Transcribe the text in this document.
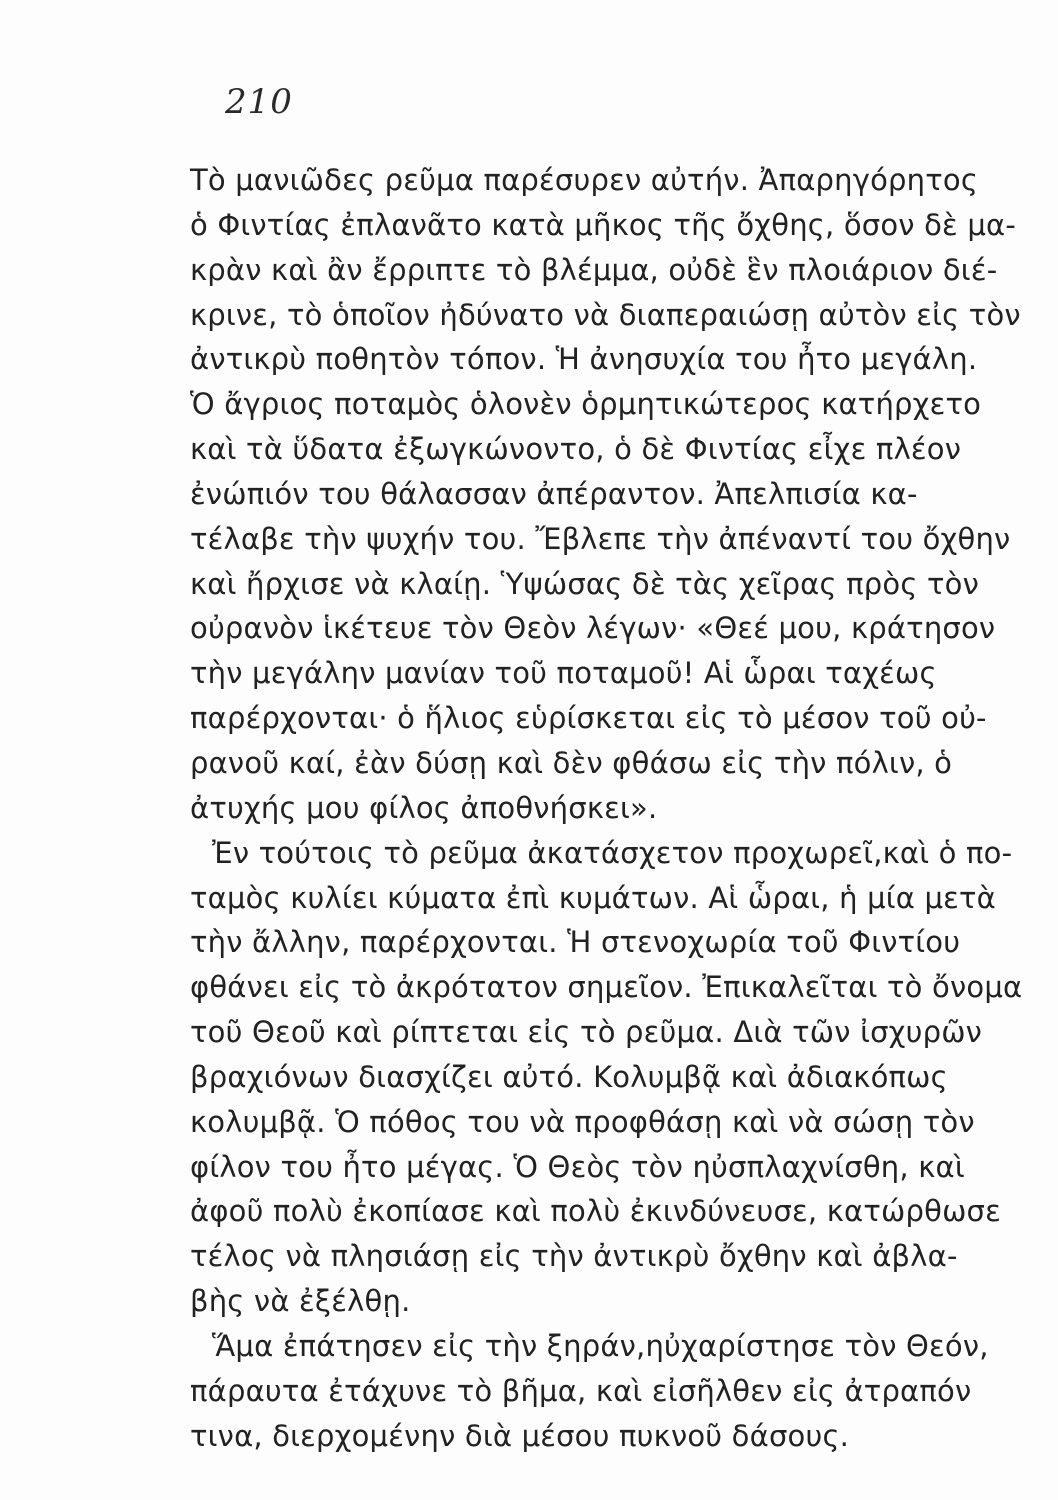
210
Τὸ μανιῶδες ρεῦμα παρέσυρεν αὐτήν. Ἀπαρηγόρητος
ὁ Φιντίας ἐπλανᾶτο κατὰ μῆκος τῆς ὄχθης, ὅσον δὲ μα-
κρὰν καὶ ἂν ἔρριπτε τὸ βλέμμα, οὐδὲ ἓν πλοιάριον διέ-
κρινε, τὸ ὁποῖον ἠδύνατο νὰ διαπεραιώσῃ αὐτὸν εἰς τὸν
ἀντικρὺ ποθητὸν τόπον. Ἡ ἀνησυχία του ἦτο μεγάλη.
Ὁ ἄγριος ποταμὸς ὁλονὲν ὁρμητικώτερος κατήρχετο
καὶ τὰ ὕδατα ἐξωγκώνοντο, ὁ δὲ Φιντίας εἶχε πλέον
ἐνώπιόν του θάλασσαν ἀπέραντον. Ἀπελπισία κα-
τέλαβε τὴν ψυχήν του. Ἔβλεπε τὴν ἀπέναντί του ὄχθην
καὶ ἤρχισε νὰ κλαίῃ. Ὑψώσας δὲ τὰς χεῖρας πρὸς τὸν
οὐρανὸν ἱκέτευε τὸν Θεὸν λέγων· «Θεέ μου, κράτησον
τὴν μεγάλην μανίαν τοῦ ποταμοῦ! Αἱ ὧραι ταχέως
παρέρχονται· ὁ ἥλιος εὑρίσκεται εἰς τὸ μέσον τοῦ οὐ-
ρανοῦ καί, ἐὰν δύσῃ καὶ δὲν φθάσω εἰς τὴν πόλιν, ὁ
ἀτυχής μου φίλος ἀποθνήσκει».
Ἐν τούτοις τὸ ρεῦμα ἀκατάσχετον προχωρεῖ,καὶ ὁ πο-
ταμὸς κυλίει κύματα ἐπὶ κυμάτων. Αἱ ὧραι, ἡ μία μετὰ
τὴν ἄλλην, παρέρχονται. Ἡ στενοχωρία τοῦ Φιντίου
φθάνει εἰς τὸ ἀκρότατον σημεῖον. Ἐπικαλεῖται τὸ ὄνομα
τοῦ Θεοῦ καὶ ρίπτεται εἰς τὸ ρεῦμα. Διὰ τῶν ἰσχυρῶν
βραχιόνων διασχίζει αὐτό. Κολυμβᾷ καὶ ἀδιακόπως
κολυμβᾷ. Ὁ πόθος του νὰ προφθάσῃ καὶ νὰ σώσῃ τὸν
φίλον του ἦτο μέγας. Ὁ Θεὸς τὸν ηὐσπλαχνίσθη, καὶ
ἀφοῦ πολὺ ἐκοπίασε καὶ πολὺ ἐκινδύνευσε, κατώρθωσε
τέλος νὰ πλησιάσῃ εἰς τὴν ἀντικρὺ ὄχθην καὶ ἀβλα-
βὴς νὰ ἐξέλθῃ.
Ἅμα ἐπάτησεν εἰς τὴν ξηράν,ηὐχαρίστησε τὸν Θεόν,
πάραυτα ἐτάχυνε τὸ βῆμα, καὶ εἰσῆλθεν εἰς ἀτραπόν
τινα, διερχομένην διὰ μέσου πυκνοῦ δάσους.
